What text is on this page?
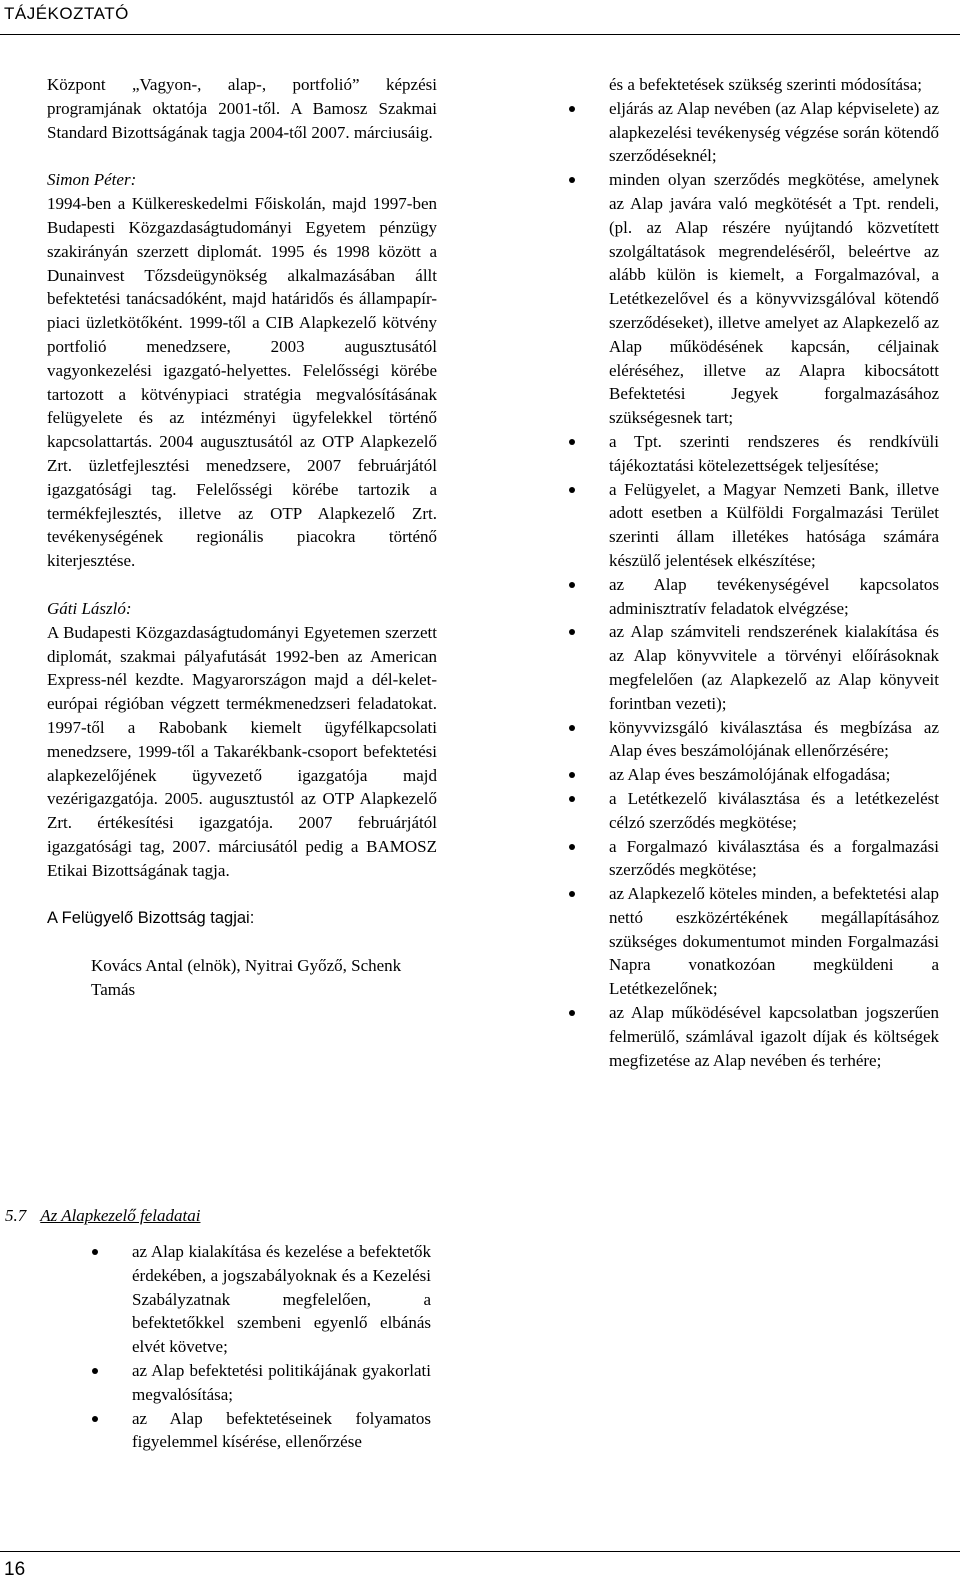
TÁJÉKOZTATÓ

Központ „Vagyon-, alap-, portfolió” képzési programjának oktatója 2001-től. A Bamosz Szakmai Standard Bizottságának tagja 2004-től 2007. márciusáig.

Simon Péter:

1994-ben a Külkereskedelmi Főiskolán, majd 1997-ben Budapesti Közgazdaságtudományi Egyetem pénzügy szakirányán szerzett diplomát. 1995 és 1998 között a Dunainvest Tőzsdeügynökség alkalmazásában állt befektetési tanácsadóként, majd határidős és állampapír-piaci üzletkötőként. 1999-től a CIB Alapkezelő kötvény portfolió menedzsere, 2003 augusztusától vagyonkezelési igazgató-helyettes. Felelősségi körébe tartozott a kötvénypiaci stratégia megvalósításának felügyelete és az intézményi ügyfelekkel történő kapcsolattartás. 2004 augusztusától az OTP Alapkezelő Zrt. üzletfejlesztési menedzsere, 2007 februárjától igazgatósági tag. Felelősségi körébe tartozik a termékfejlesztés, illetve az OTP Alapkezelő Zrt. tevékenységének regionális piacokra történő kiterjesztése.

Gáti László:

A Budapesti Közgazdaságtudományi Egyetemen szerzett diplomát, szakmai pályafutását 1992-ben az American Express-nél kezdte. Magyarországon majd a dél-kelet-európai régióban végzett termékmenedzseri feladatokat. 1997-től a Rabobank kiemelt ügyfélkapcsolati menedzsere, 1999-től a Takarékbank-csoport befektetési alapkezelőjének ügyvezető igazgatója majd vezérigazgatója. 2005. augusztustól az OTP Alapkezelő Zrt. értékesítési igazgatója. 2007 februárjától igazgatósági tag, 2007. márciusától pedig a BAMOSZ Etikai Bizottságának tagja.

A Felügyelő Bizottság tagjai:

Kovács Antal (elnök), Nyitrai Győző, Schenk Tamás

5.7 Az Alapkezelő feladatai
az Alap kialakítása és kezelése a befektetők érdekében, a jogszabályoknak és a Kezelési Szabályzatnak megfelelően, a befektetőkkel szembeni egyenlő elbánás elvét követve;
az Alap befektetési politikájának gyakorlati megvalósítása;
az Alap befektetéseinek folyamatos figyelemmel kísérése, ellenőrzése

és a befektetések szükség szerinti módosítása;

eljárás az Alap nevében (az Alap képviselete) az alapkezelési tevékenység végzése során kötendő szerződéseknél;
minden olyan szerződés megkötése, amelynek az Alap javára való megkötését a Tpt. rendeli, (pl. az Alap részére nyújtandó közvetített szolgáltatások megrendeléséről, beleértve az alább külön is kiemelt, a Forgalmazóval, a Letétkezelővel és a könyvvizsgálóval kötendő szerződéseket), illetve amelyet az Alapkezelő az Alap működésének kapcsán, céljainak eléréséhez, illetve az Alapra kibocsátott Befektetési Jegyek forgalmazásához szükségesnek tart;
a Tpt. szerinti rendszeres és rendkívüli tájékoztatási kötelezettségek teljesítése;
a Felügyelet, a Magyar Nemzeti Bank, illetve adott esetben a Külföldi Forgalmazási Terület szerinti állam illetékes hatósága számára készülő jelentések elkészítése;
az Alap tevékenységével kapcsolatos adminisztratív feladatok elvégzése;
az Alap számviteli rendszerének kialakítása és az Alap könyvvitele a törvényi előírásoknak megfelelően (az Alapkezelő az Alap könyveit forintban vezeti);
könyvvizsgáló kiválasztása és megbízása az Alap éves beszámolójának ellenőrzésére;
az Alap éves beszámolójának elfogadása;
a Letétkezelő kiválasztása és a letétkezelést célzó szerződés megkötése;
a Forgalmazó kiválasztása és a forgalmazási szerződés megkötése;
az Alapkezelő köteles minden, a befektetési alap nettó eszközértékének megállapításához szükséges dokumentumot minden Forgalmazási Napra vonatkozóan megküldeni a Letétkezelőnek;
az Alap működésével kapcsolatban jogszerűen felmerülő, számlával igazolt díjak és költségek megfizetése az Alap nevében és terhére;
16
